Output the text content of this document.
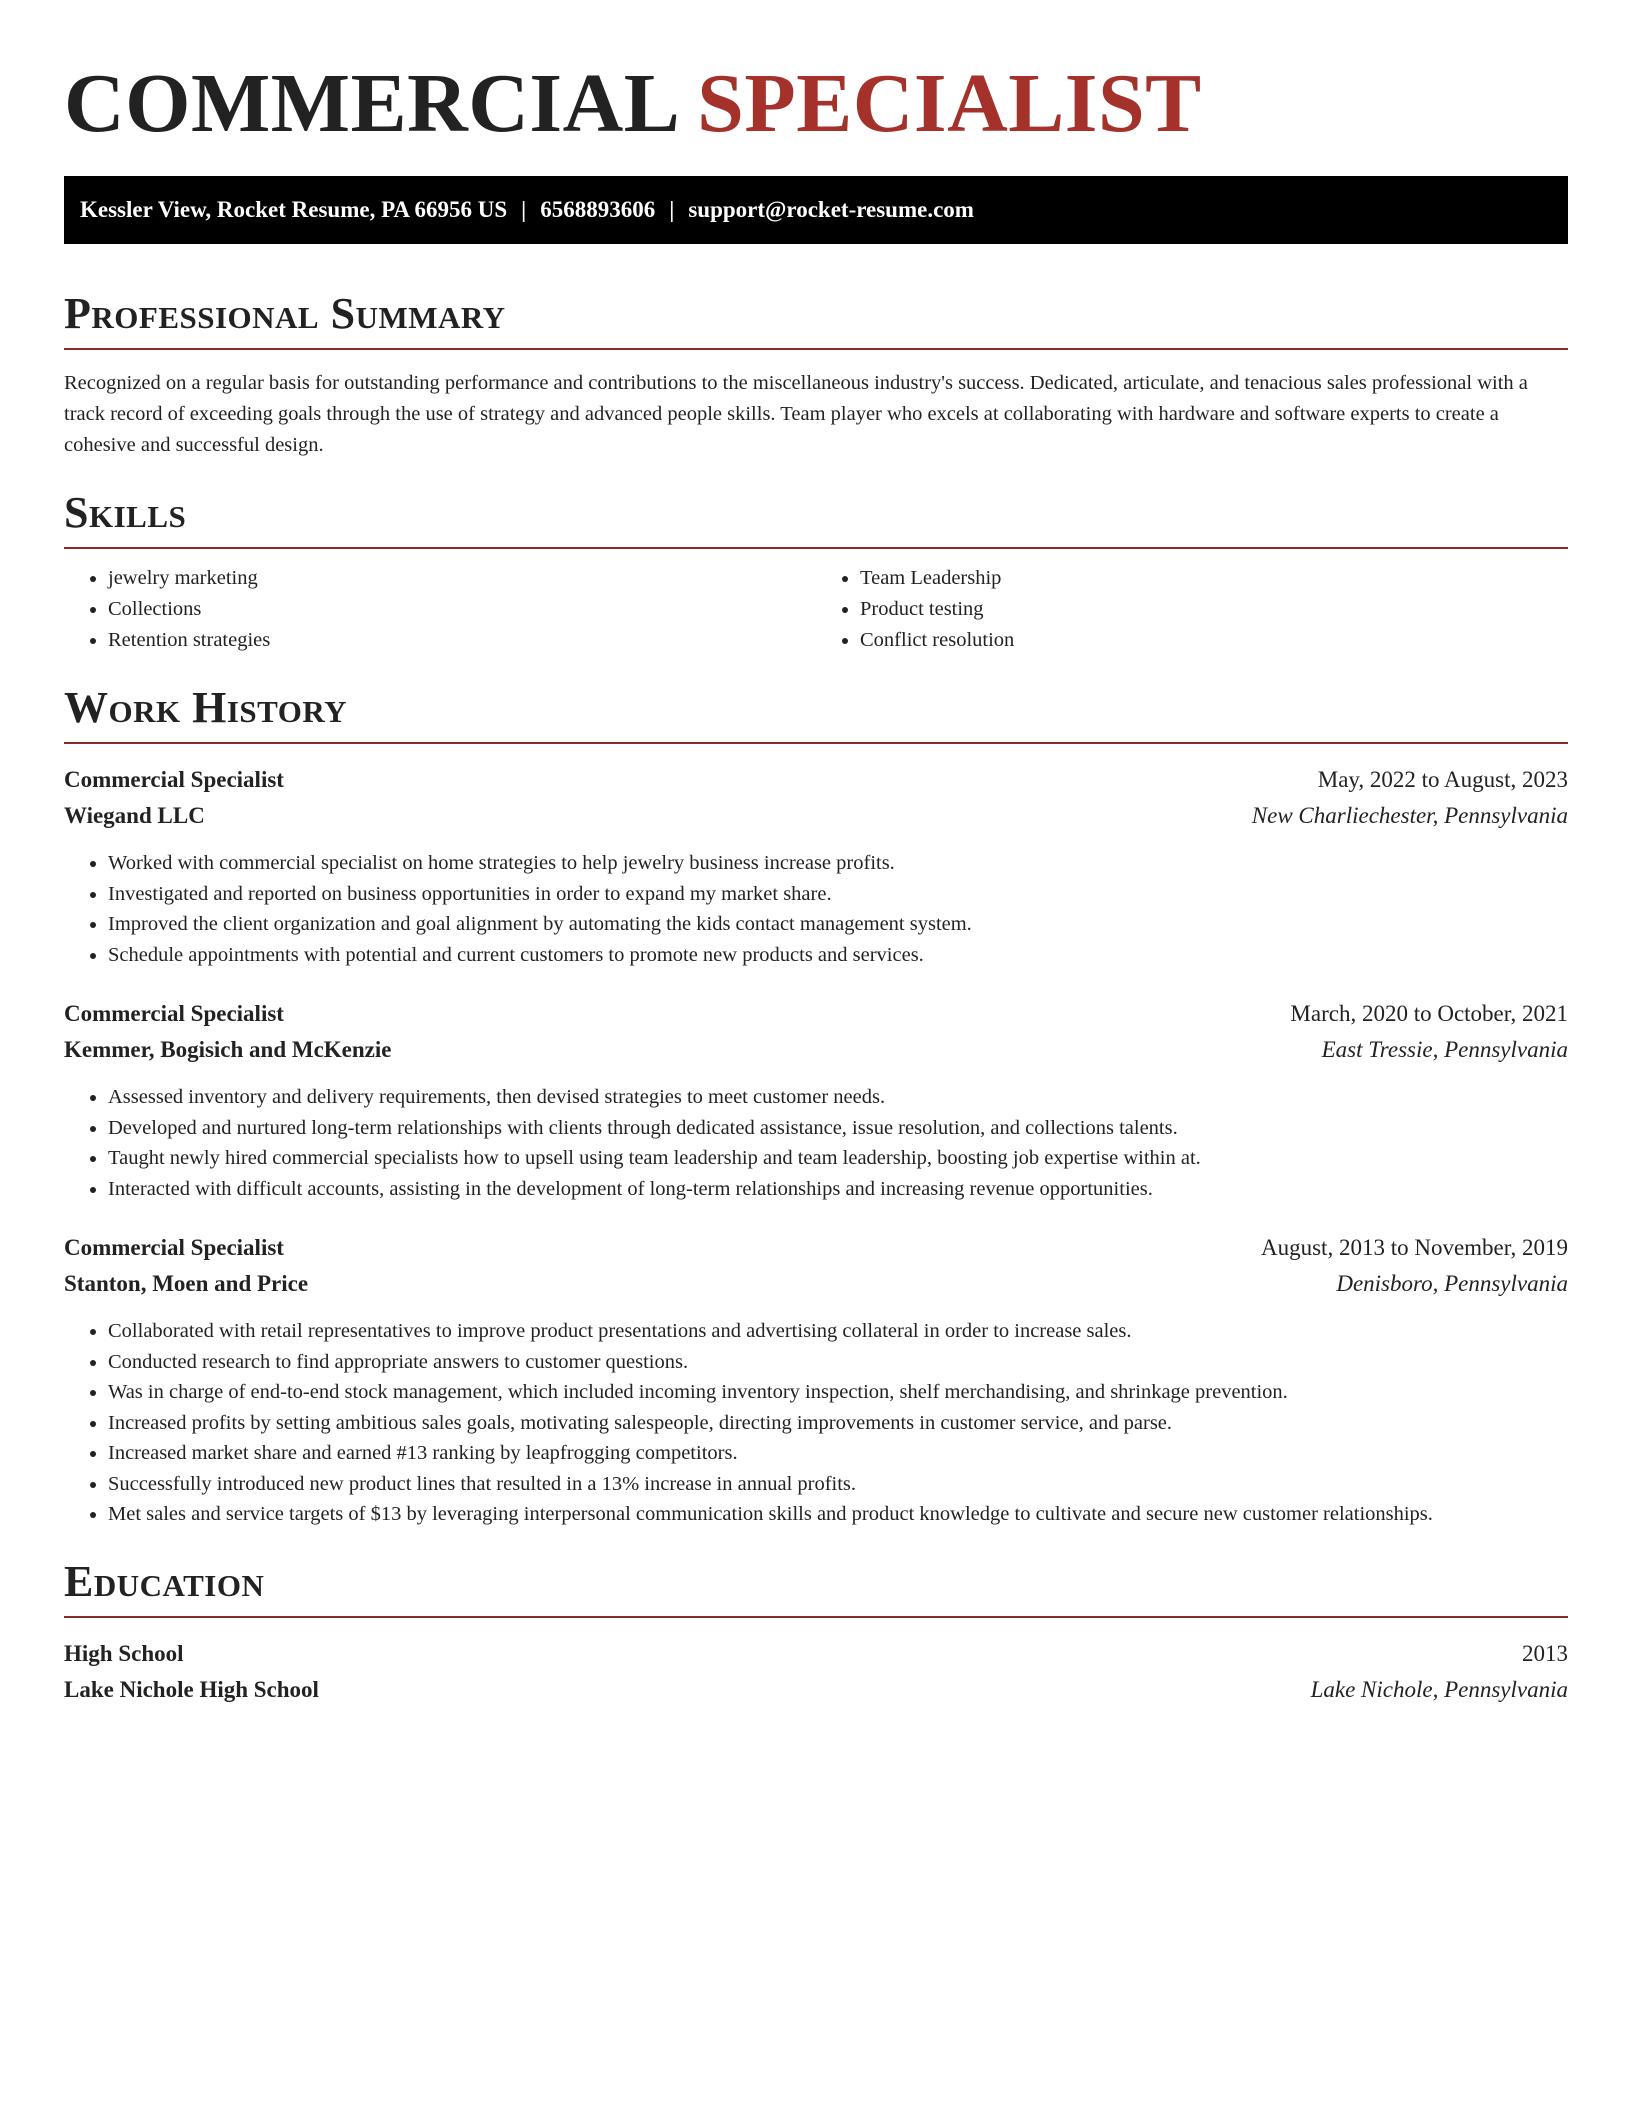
COMMERCIAL SPECIALIST
Kessler View, Rocket Resume, PA 66956 US | 6568893606 | support@rocket-resume.com
Professional Summary

Recognized on a regular basis for outstanding performance and contributions to the miscellaneous industry's success. Dedicated, articulate, and tenacious sales professional with a track record of exceeding goals through the use of strategy and advanced people skills. Team player who excels at collaborating with hardware and software experts to create a cohesive and successful design.

Skills
• jewelry marketing
• Collections
• Retention strategies
• Team Leadership
• Product testing
• Conflict resolution
Work History
Commercial Specialist	May, 2022 to August, 2023
Wiegand LLC	New Charliechester, Pennsylvania
• Worked with commercial specialist on home strategies to help jewelry business increase profits.
• Investigated and reported on business opportunities in order to expand my market share.
• Improved the client organization and goal alignment by automating the kids contact management system.
• Schedule appointments with potential and current customers to promote new products and services.
Commercial Specialist	March, 2020 to October, 2021
Kemmer, Bogisich and McKenzie	East Tressie, Pennsylvania
• Assessed inventory and delivery requirements, then devised strategies to meet customer needs.
• Developed and nurtured long-term relationships with clients through dedicated assistance, issue resolution, and collections talents.
• Taught newly hired commercial specialists how to upsell using team leadership and team leadership, boosting job expertise within at.
• Interacted with difficult accounts, assisting in the development of long-term relationships and increasing revenue opportunities.
Commercial Specialist	August, 2013 to November, 2019
Stanton, Moen and Price	Denisboro, Pennsylvania
• Collaborated with retail representatives to improve product presentations and advertising collateral in order to increase sales.
• Conducted research to find appropriate answers to customer questions.
• Was in charge of end-to-end stock management, which included incoming inventory inspection, shelf merchandising, and shrinkage prevention.
• Increased profits by setting ambitious sales goals, motivating salespeople, directing improvements in customer service, and parse.
• Increased market share and earned #13 ranking by leapfrogging competitors.
• Successfully introduced new product lines that resulted in a 13% increase in annual profits.
• Met sales and service targets of $13 by leveraging interpersonal communication skills and product knowledge to cultivate and secure new customer relationships.
Education
High School	2013
Lake Nichole High School	Lake Nichole, Pennsylvania
